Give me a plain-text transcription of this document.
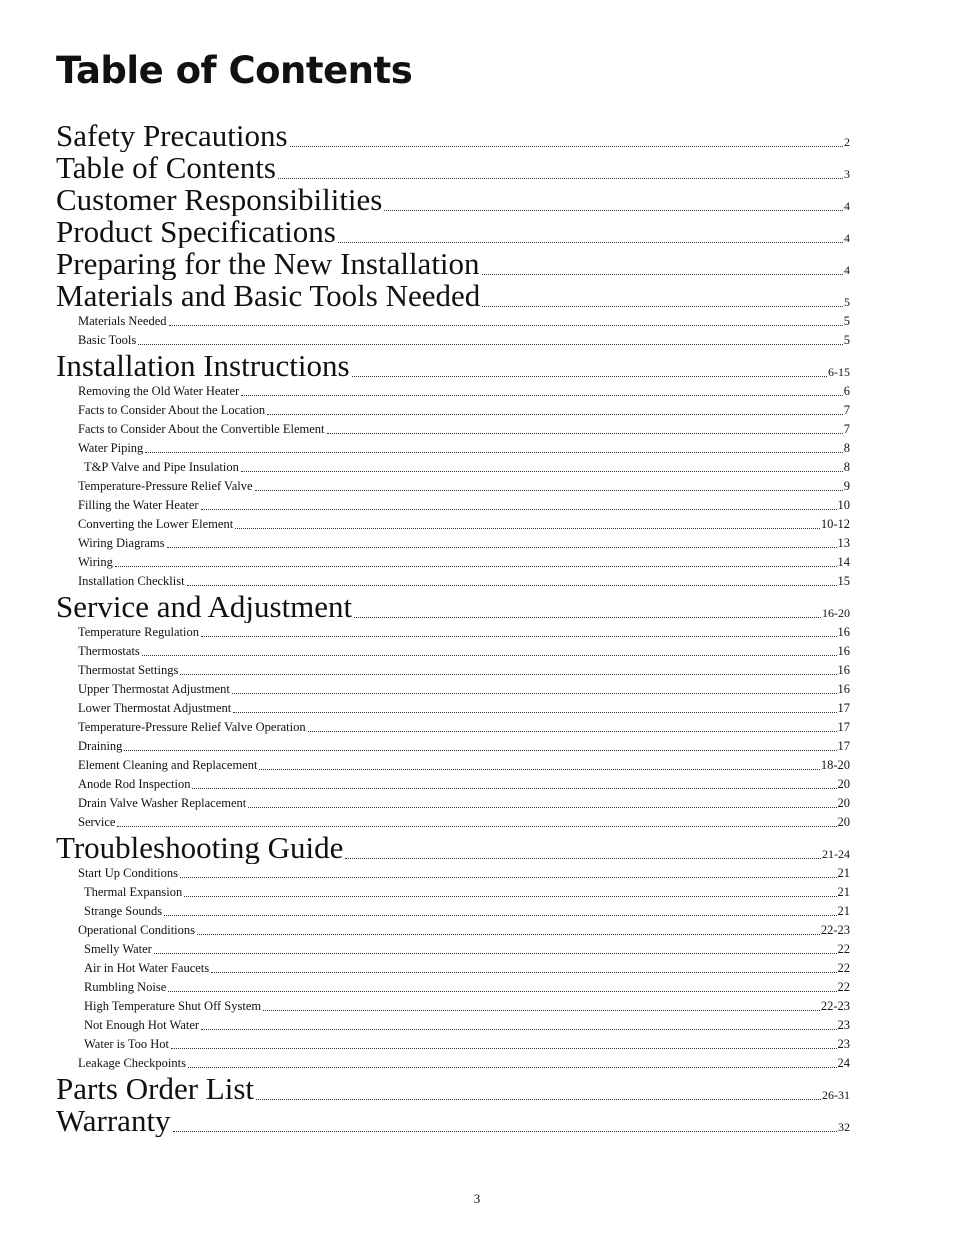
Table of Contents
Safety Precautions	2
Table of Contents	3
Customer Responsibilities	4
Product Specifications	4
Preparing for the New Installation	4
Materials and Basic Tools Needed	5
Materials Needed	5
Basic Tools	5
Installation Instructions	6-15
Removing the Old Water Heater	6
Facts to Consider About the Location	7
Facts to Consider About the Convertible Element	7
Water Piping	8
T&P Valve and Pipe Insulation	8
Temperature-Pressure Relief Valve	9
Filling the Water Heater	10
Converting the Lower Element	10-12
Wiring Diagrams	13
Wiring	14
Installation Checklist	15
Service and Adjustment	16-20
Temperature Regulation	16
Thermostats	16
Thermostat Settings	16
Upper Thermostat Adjustment	16
Lower Thermostat Adjustment	17
Temperature-Pressure Relief Valve Operation	17
Draining	17
Element Cleaning and Replacement	18-20
Anode Rod Inspection	20
Drain Valve Washer Replacement	20
Service	20
Troubleshooting Guide	21-24
Start Up Conditions	21
Thermal Expansion	21
Strange Sounds	21
Operational Conditions	22-23
Smelly Water	22
Air in Hot Water Faucets	22
Rumbling Noise	22
High Temperature Shut Off System	22-23
Not Enough Hot Water	23
Water is Too Hot	23
Leakage Checkpoints	24
Parts Order List	26-31
Warranty	32
3
